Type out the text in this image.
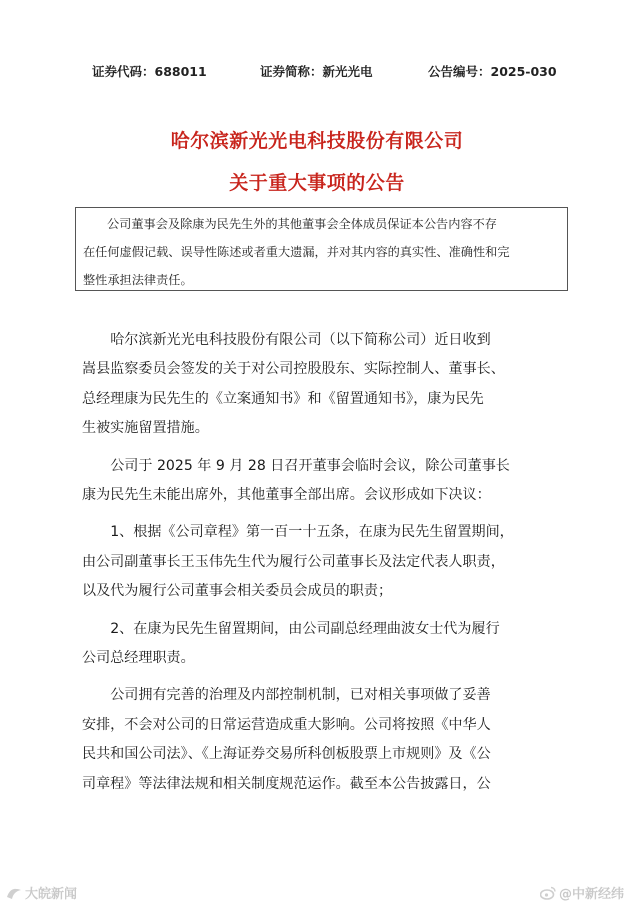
证券代码：688011	证券简称：新光光电	公告编号：2025-030
哈尔滨新光光电科技股份有限公司
关于重大事项的公告
公司董事会及除康为民先生外的其他董事会全体成员保证本公告内容不存
在任何虚假记载、误导性陈述或者重大遗漏，并对其内容的真实性、准确性和完
整性承担法律责任。

哈尔滨新光光电科技股份有限公司（以下简称公司）近日收到

嵩县监察委员会签发的关于对公司控股股东、实际控制人、董事长、
总经理康为民先生的《立案通知书》和《留置通知书》，康为民先
生被实施留置措施。

公司于 2025 年 9 月 28 日召开董事会临时会议，除公司董事长

康为民先生未能出席外，其他董事全部出席。会议形成如下决议：

1、根据《公司章程》第一百一十五条，在康为民先生留置期间，

由公司副董事长王玉伟先生代为履行公司董事长及法定代表人职责，
以及代为履行公司董事会相关委员会成员的职责；

2、在康为民先生留置期间，由公司副总经理曲波女士代为履行

公司总经理职责。

公司拥有完善的治理及内部控制机制，已对相关事项做了妥善

安排，不会对公司的日常运营造成重大影响。公司将按照《中华人
民共和国公司法》、《上海证券交易所科创板股票上市规则》及《公
司章程》等法律法规和相关制度规范运作。截至本公告披露日，公
大皖新闻	@中新经纬
